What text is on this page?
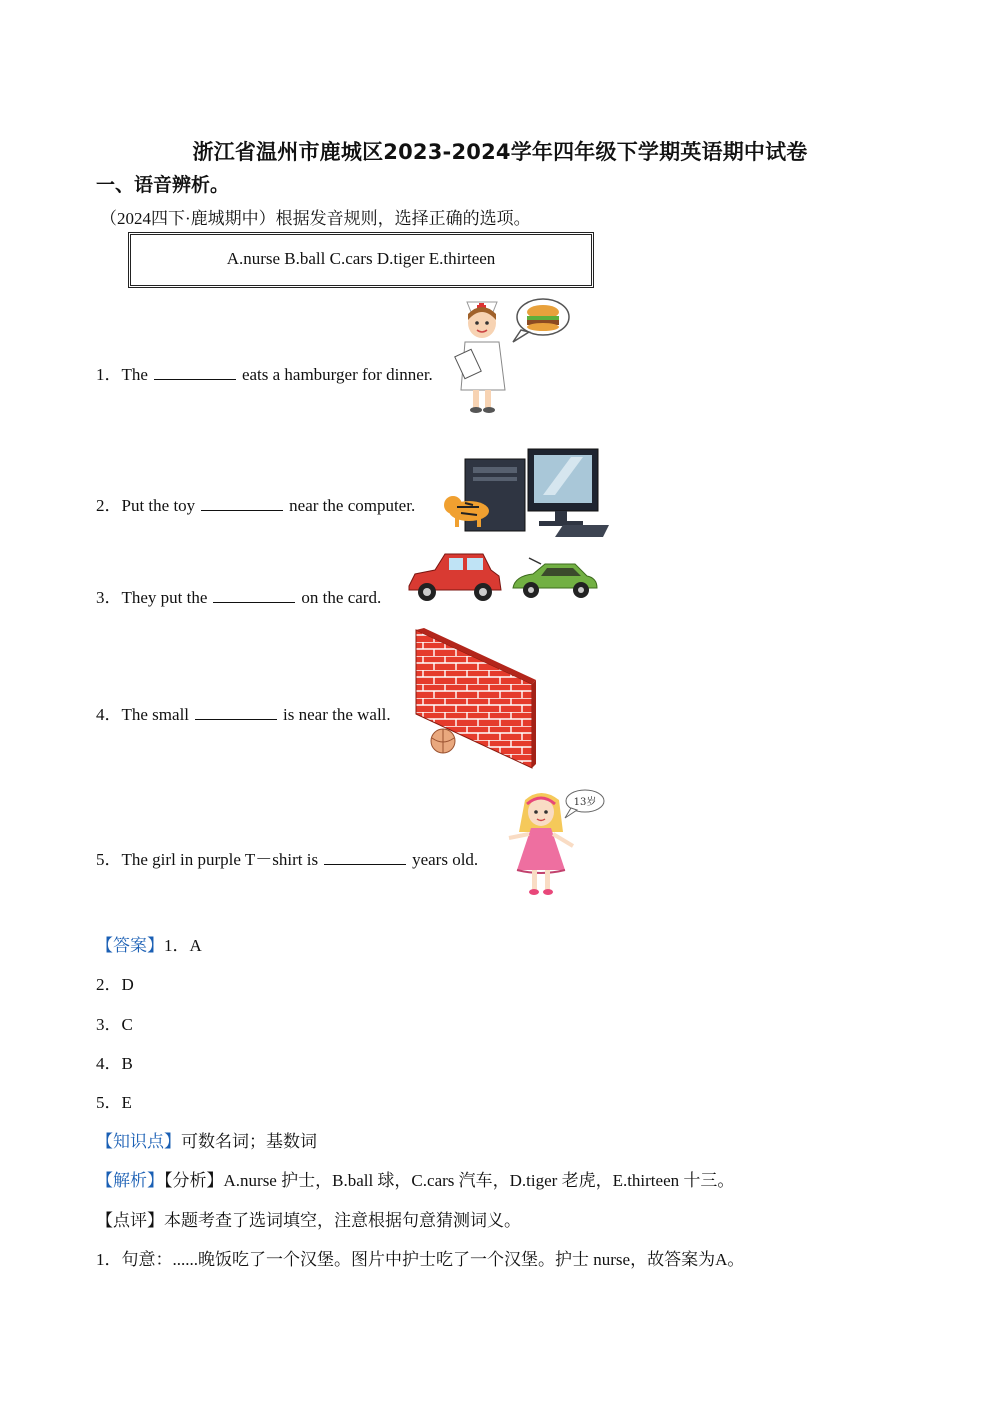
浙江省温州市鹿城区2023-2024学年四年级下学期英语期中试卷
一、语音辨析。
（2024四下·鹿城期中）根据发音规则，选择正确的选项。
A.nurse B.ball C.cars D.tiger E.thirteen
1．The	eats a hamburger for dinner.
2．Put the toy	near the computer.
3．They put the	on the card.
4．The small	is near the wall.
5．The girl in purple T－shirt is	years old.
13岁
【答案】1．A
2．D
3．C
4．B
5．E
【知识点】可数名词；基数词
【解析】【分析】A.nurse 护士，B.ball 球，C.cars 汽车，D.tiger 老虎，E.thirteen 十三。
【点评】本题考查了选词填空，注意根据句意猜测词义。
1．句意：......晚饭吃了一个汉堡。图片中护士吃了一个汉堡。护士 nurse，故答案为A。
